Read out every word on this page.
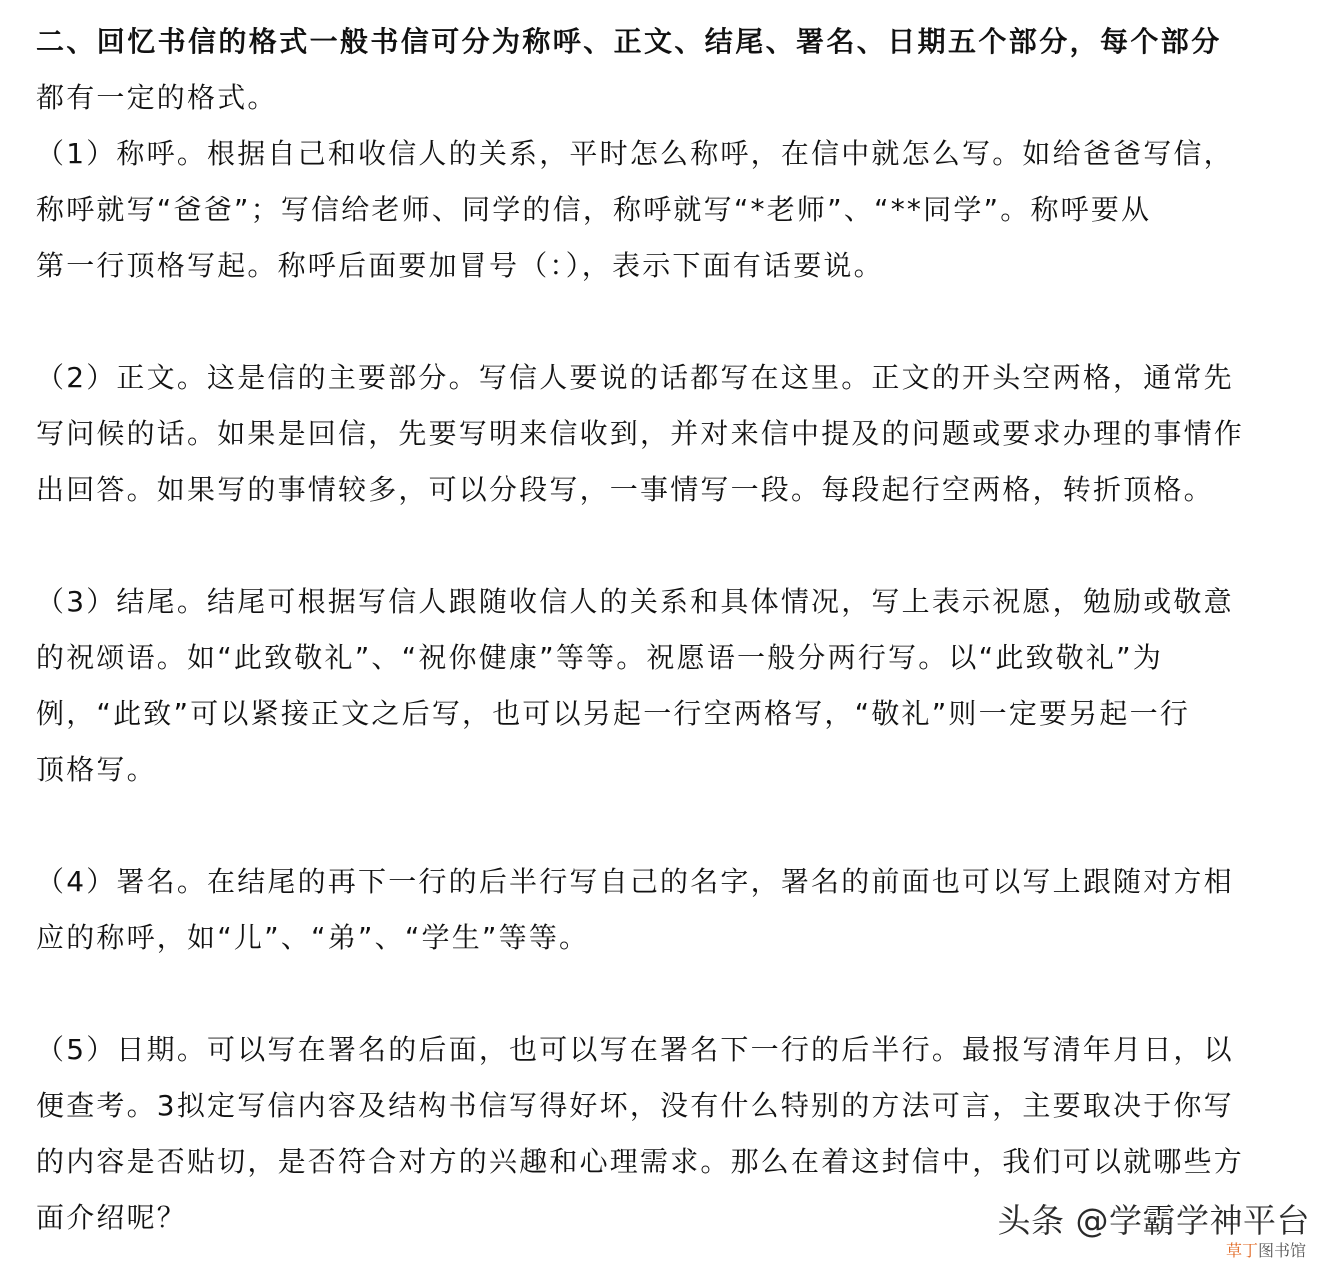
二、回忆书信的格式一般书信可分为称呼、正文、结尾、署名、日期五个部分，每个部分

都有一定的格式。

（1）称呼。根据自己和收信人的关系，平时怎么称呼，在信中就怎么写。如给爸爸写信，

称呼就写“爸爸”；写信给老师、同学的信，称呼就写“*老师”、“**同学”。称呼要从

第一行顶格写起。称呼后面要加冒号（：），表示下面有话要说。

（2）正文。这是信的主要部分。写信人要说的话都写在这里。正文的开头空两格，通常先

写问候的话。如果是回信，先要写明来信收到，并对来信中提及的问题或要求办理的事情作

出回答。如果写的事情较多，可以分段写，一事情写一段。每段起行空两格，转折顶格。

（3）结尾。结尾可根据写信人跟随收信人的关系和具体情况，写上表示祝愿，勉励或敬意

的祝颂语。如“此致敬礼”、“祝你健康”等等。祝愿语一般分两行写。以“此致敬礼”为

例，“此致”可以紧接正文之后写，也可以另起一行空两格写，“敬礼”则一定要另起一行

顶格写。

（4）署名。在结尾的再下一行的后半行写自己的名字，署名的前面也可以写上跟随对方相

应的称呼，如“儿”、“弟”、“学生”等等。

（5）日期。可以写在署名的后面，也可以写在署名下一行的后半行。最报写清年月日，以

便查考。3拟定写信内容及结构书信写得好坏，没有什么特别的方法可言，主要取决于你写

的内容是否贴切，是否符合对方的兴趣和心理需求。那么在着这封信中，我们可以就哪些方

面介绍呢？	头条 @学霸学神平台
草丁图书馆
